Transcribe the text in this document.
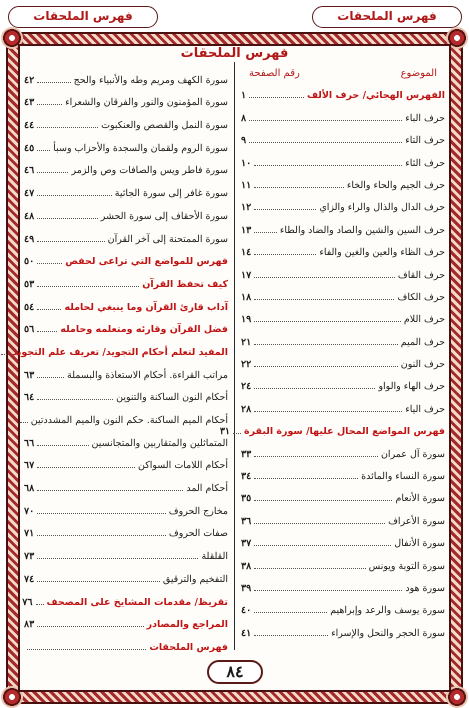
فهرس الملحقات
فهرس الملحقات
فهرس الملحقات
الموضوع
رقم الصفحة
الفهرس الهجائي/ حرف الألف
١
حرف الباء
٨
حرف التاء
٩
حرف الثاء
١٠
حرف الجيم والحاء والخاء
١١
حرف الدال والذال والراء والزاي
١٢
حرف السين والشين والصاد والضاد والطاء
١٣
حرف الظاء والعين والغين والفاء
١٤
حرف القاف
١٧
حرف الكاف
١٨
حرف اللام
١٩
حرف الميم
٢١
حرف النون
٢٢
حرف الهاء والواو
٢٤
حرف الياء
٢٨
فهرس المواضع المحال عليها/ سورة البقرة
٣١
سورة آل عمران
٣٣
سورة النساء والمائدة
٣٤
سورة الأنعام
٣٥
سورة الأعراف
٣٦
سورة الأنفال
٣٧
سورة التوبة ويونس
٣٨
سورة هود
٣٩
سورة يوسف والرعد وإبراهيم
٤٠
سورة الحجر والنحل والإسراء
٤١
سورة الكهف ومريم وطه والأنبياء والحج
٤٢
سورة المؤمنون والنور والفرقان والشعراء
٤٣
سورة النمل والقصص والعنكبوت
٤٤
سورة الروم ولقمان والسجدة والأحزاب وسبأ
٤٥
سورة فاطر ويس والصافات وص والزمر
٤٦
سورة غافر إلى سورة الجاثية
٤٧
سورة الأحقاف إلى سورة الحشر
٤٨
سورة الممتحنة إلى آخر القرآن
٤٩
فهرس للمواضع التي تراعى لحفص
٥٠
كيف تحفظ القرآن
٥٣
آداب قارئ القرآن وما ينبغي لحامله
٥٤
فضل القرآن وقارئه ومتعلمه وحامله
٥٦
المفيد لتعلم أحكام التجويد/ تعريف علم التجويد
مراتب القراءة. أحكام الاستعاذة والبسملة
٦٣
أحكام النون الساكنة والتنوين
٦٤
أحكام الميم الساكنة. حكم النون والميم المشددتين
المتماثلين والمتقاربين والمتجانسين
٦٦
أحكام اللامات السواكن
٦٧
أحكام المد
٦٨
مخارج الحروف
٧٠
صفات الحروف
٧١
القلقلة
٧٣
التفخيم والترقيق
٧٤
تقريظ/ مقدمات المشايخ على المصحف
٧٦
المراجع والمصادر
٨٣
فهرس الملحقات
٨٤
